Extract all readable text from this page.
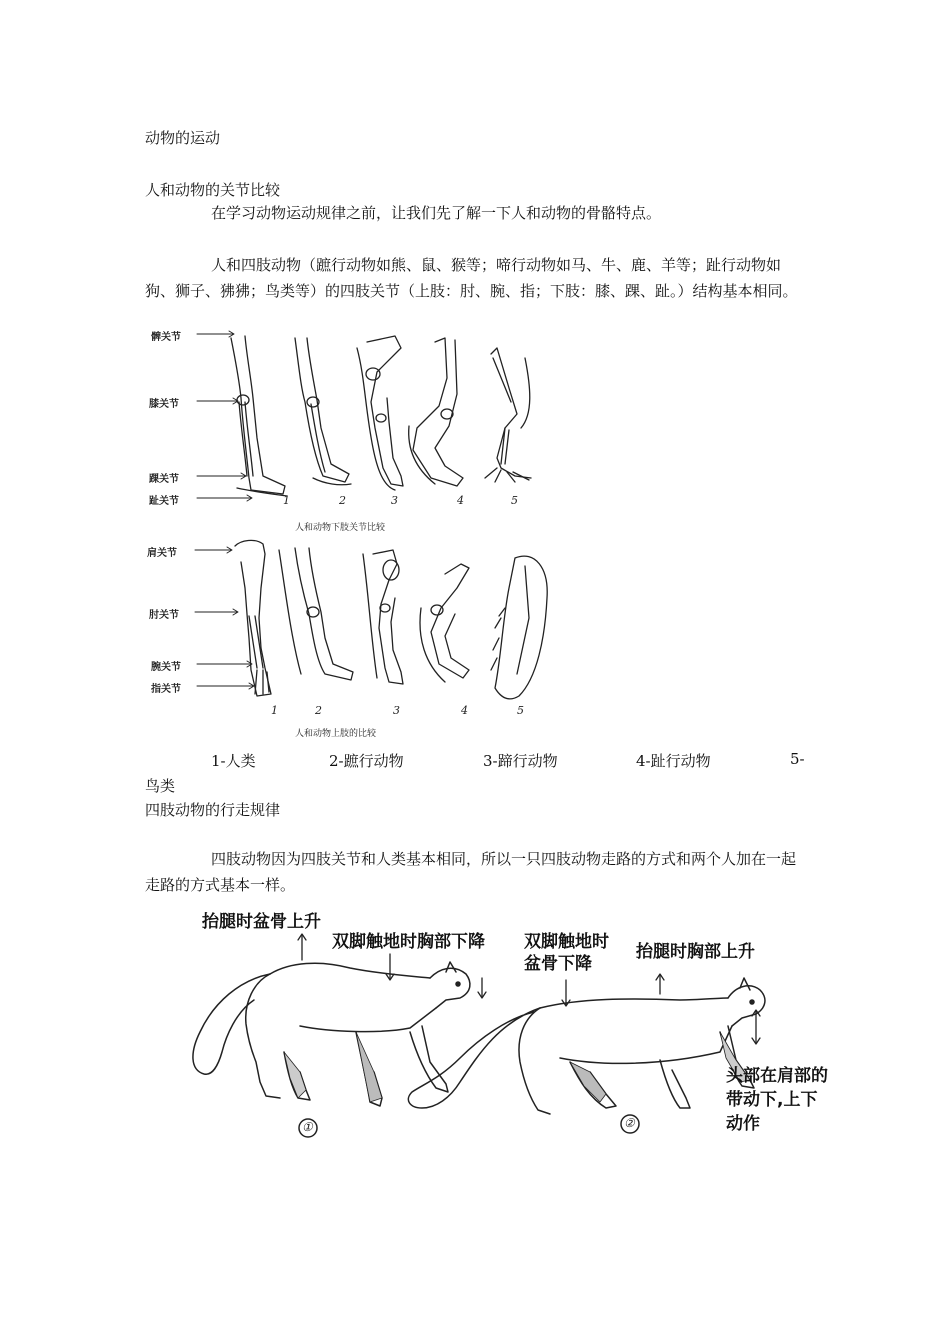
动物的运动
人和动物的关节比较
在学习动物运动规律之前，让我们先了解一下人和动物的骨骼特点。
人和四肢动物（蹠行动物如熊、鼠、猴等；啼行动物如马、牛、鹿、羊等；趾行动物如狗、狮子、狒狒；鸟类等）的四肢关节（上肢：肘、腕、指；下肢：膝、踝、趾。）结构基本相同。
髀关节
膝关节
踝关节
趾关节	1	2	3	4	5
人和动物下肢关节比较
肩关节
肘关节
腕关节
指关节
1	2	3	4	5
人和动物上肢的比较
1-人类	2-蹠行动物	3-蹄行动物	4-趾行动物	5-
鸟类
四肢动物的行走规律
四肢动物因为四肢关节和人类基本相同，所以一只四肢动物走路的方式和两个人加在一起走路的方式基本一样。
抬腿时盆骨上升
双脚触地时胸部下降 双脚触地时
盆骨下降
抬腿时胸部上升
头部在肩部的
带动下,上下
动作
①	②
